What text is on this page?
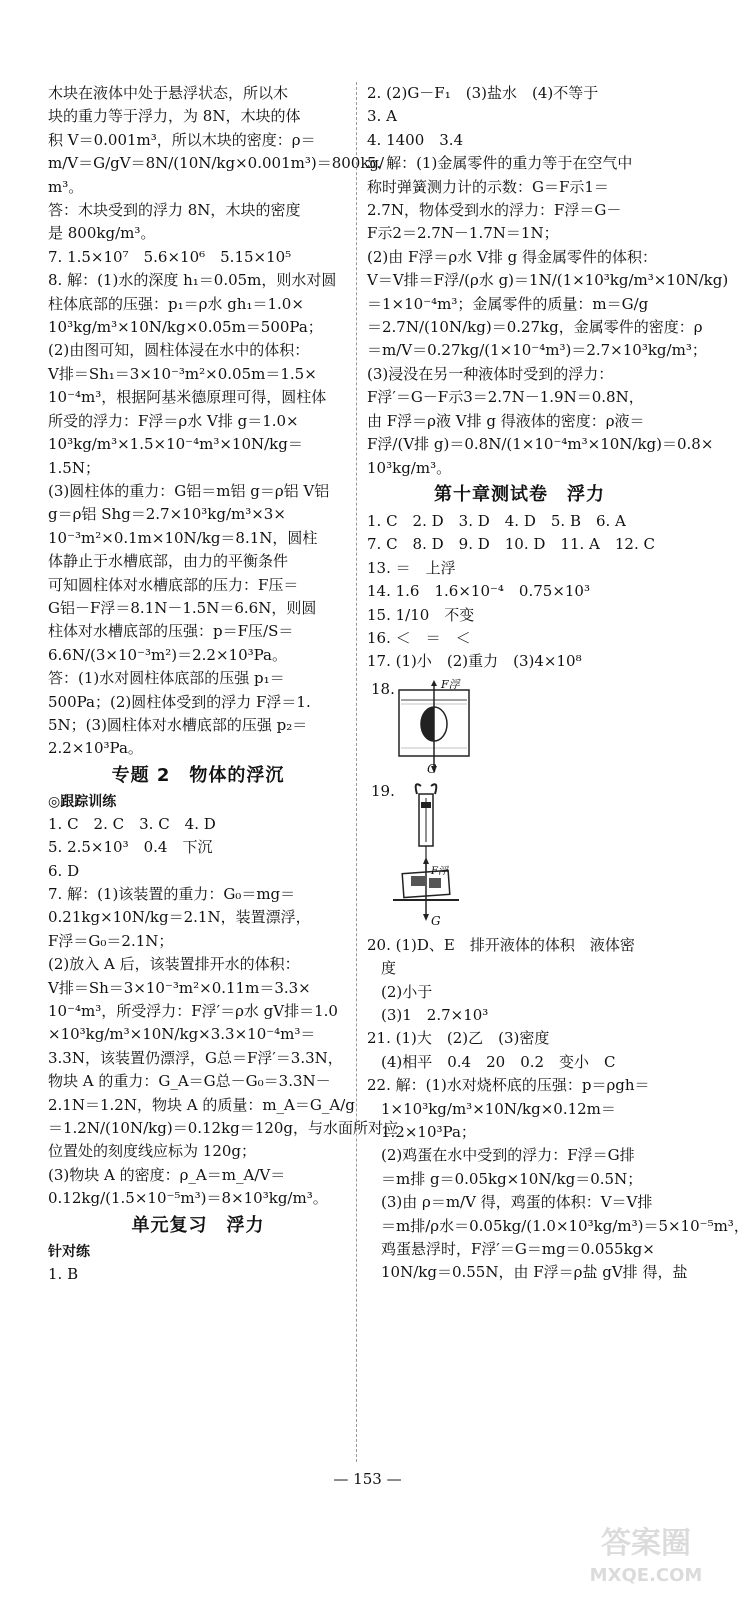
木块在液体中处于悬浮状态，所以木
块的重力等于浮力，为 8N，木块的体
积 V＝0.001m³，所以木块的密度：ρ＝
m/V＝G/gV＝8N/(10N/kg×0.001m³)＝800kg/
m³。
答：木块受到的浮力 8N，木块的密度
是 800kg/m³。
7. 1.5×10⁷　5.6×10⁶　5.15×10⁵
8. 解：(1)水的深度 h₁＝0.05m，则水对圆
柱体底部的压强：p₁＝ρ水 gh₁＝1.0×
10³kg/m³×10N/kg×0.05m＝500Pa；
(2)由图可知，圆柱体浸在水中的体积：
V排＝Sh₁＝3×10⁻³m²×0.05m＝1.5×
10⁻⁴m³，根据阿基米德原理可得，圆柱体
所受的浮力：F浮＝ρ水 V排 g＝1.0×
10³kg/m³×1.5×10⁻⁴m³×10N/kg＝
1.5N；
(3)圆柱体的重力：G铝＝m铝 g＝ρ铝 V铝
g＝ρ铝 Shg＝2.7×10³kg/m³×3×
10⁻³m²×0.1m×10N/kg＝8.1N，圆柱
体静止于水槽底部，由力的平衡条件
可知圆柱体对水槽底部的压力：F压＝
G铝－F浮＝8.1N－1.5N＝6.6N，则圆
柱体对水槽底部的压强：p＝F压/S＝
6.6N/(3×10⁻³m²)＝2.2×10³Pa。
答：(1)水对圆柱体底部的压强 p₁＝
500Pa；(2)圆柱体受到的浮力 F浮＝1.
5N；(3)圆柱体对水槽底部的压强 p₂＝
2.2×10³Pa。
专题 2　物体的浮沉
◎跟踪训练
1. C　2. C　3. C　4. D
5. 2.5×10³　0.4　下沉
6. D
7. 解：(1)该装置的重力：G₀＝mg＝
0.21kg×10N/kg＝2.1N，装置漂浮，
F浮＝G₀＝2.1N；
(2)放入 A 后，该装置排开水的体积：
V排＝Sh＝3×10⁻³m²×0.11m＝3.3×
10⁻⁴m³，所受浮力：F浮′＝ρ水 gV排＝1.0
×10³kg/m³×10N/kg×3.3×10⁻⁴m³＝
3.3N，该装置仍漂浮，G总＝F浮′＝3.3N，
物块 A 的重力：G_A＝G总－G₀＝3.3N－
2.1N＝1.2N，物块 A 的质量：m_A＝G_A/g
＝1.2N/(10N/kg)＝0.12kg＝120g，与水面所对应
位置处的刻度线应标为 120g；
(3)物块 A 的密度：ρ_A＝m_A/V＝
0.12kg/(1.5×10⁻⁵m³)＝8×10³kg/m³。
单元复习　浮力
针对练
1. B
2. (2)G－F₁　(3)盐水　(4)不等于
3. A
4. 1400　3.4
5. 解：(1)金属零件的重力等于在空气中
称时弹簧测力计的示数：G＝F示1＝
2.7N，物体受到水的浮力：F浮＝G－
F示2＝2.7N－1.7N＝1N；
(2)由 F浮＝ρ水 V排 g 得金属零件的体积：
V＝V排＝F浮/(ρ水 g)＝1N/(1×10³kg/m³×10N/kg)
＝1×10⁻⁴m³；金属零件的质量：m＝G/g
＝2.7N/(10N/kg)＝0.27kg，金属零件的密度：ρ
＝m/V＝0.27kg/(1×10⁻⁴m³)＝2.7×10³kg/m³；
(3)浸没在另一种液体时受到的浮力：
F浮′＝G－F示3＝2.7N－1.9N＝0.8N，
由 F浮＝ρ液 V排 g 得液体的密度：ρ液＝
F浮/(V排 g)＝0.8N/(1×10⁻⁴m³×10N/kg)＝0.8×
10³kg/m³。
第十章测试卷　浮力
1. C　2. D　3. D　4. D　5. B　6. A
7. C　8. D　9. D　10. D　11. A　12. C
13. ＝　上浮
14. 1.6　1.6×10⁻⁴　0.75×10³
15. 1/10　不变
16. ＜　＝　＜
17. (1)小　(2)重力　(3)4×10⁸
18.	F浮
G
19.
F浮
G
20. (1)D、E　排开液体的体积　液体密
度
(2)小于
(3)1　2.7×10³
21. (1)大　(2)乙　(3)密度
(4)相平　0.4　20　0.2　变小　C
22. 解：(1)水对烧杯底的压强：p＝ρgh＝
1×10³kg/m³×10N/kg×0.12m＝
1.2×10³Pa；
(2)鸡蛋在水中受到的浮力：F浮＝G排
＝m排 g＝0.05kg×10N/kg＝0.5N；
(3)由 ρ＝m/V 得，鸡蛋的体积：V＝V排
＝m排/ρ水＝0.05kg/(1.0×10³kg/m³)＝5×10⁻⁵m³，
鸡蛋悬浮时，F浮′＝G＝mg＝0.055kg×
10N/kg＝0.55N，由 F浮＝ρ盐 gV排 得，盐
— 153 —
答案圈
MXQE.COM
